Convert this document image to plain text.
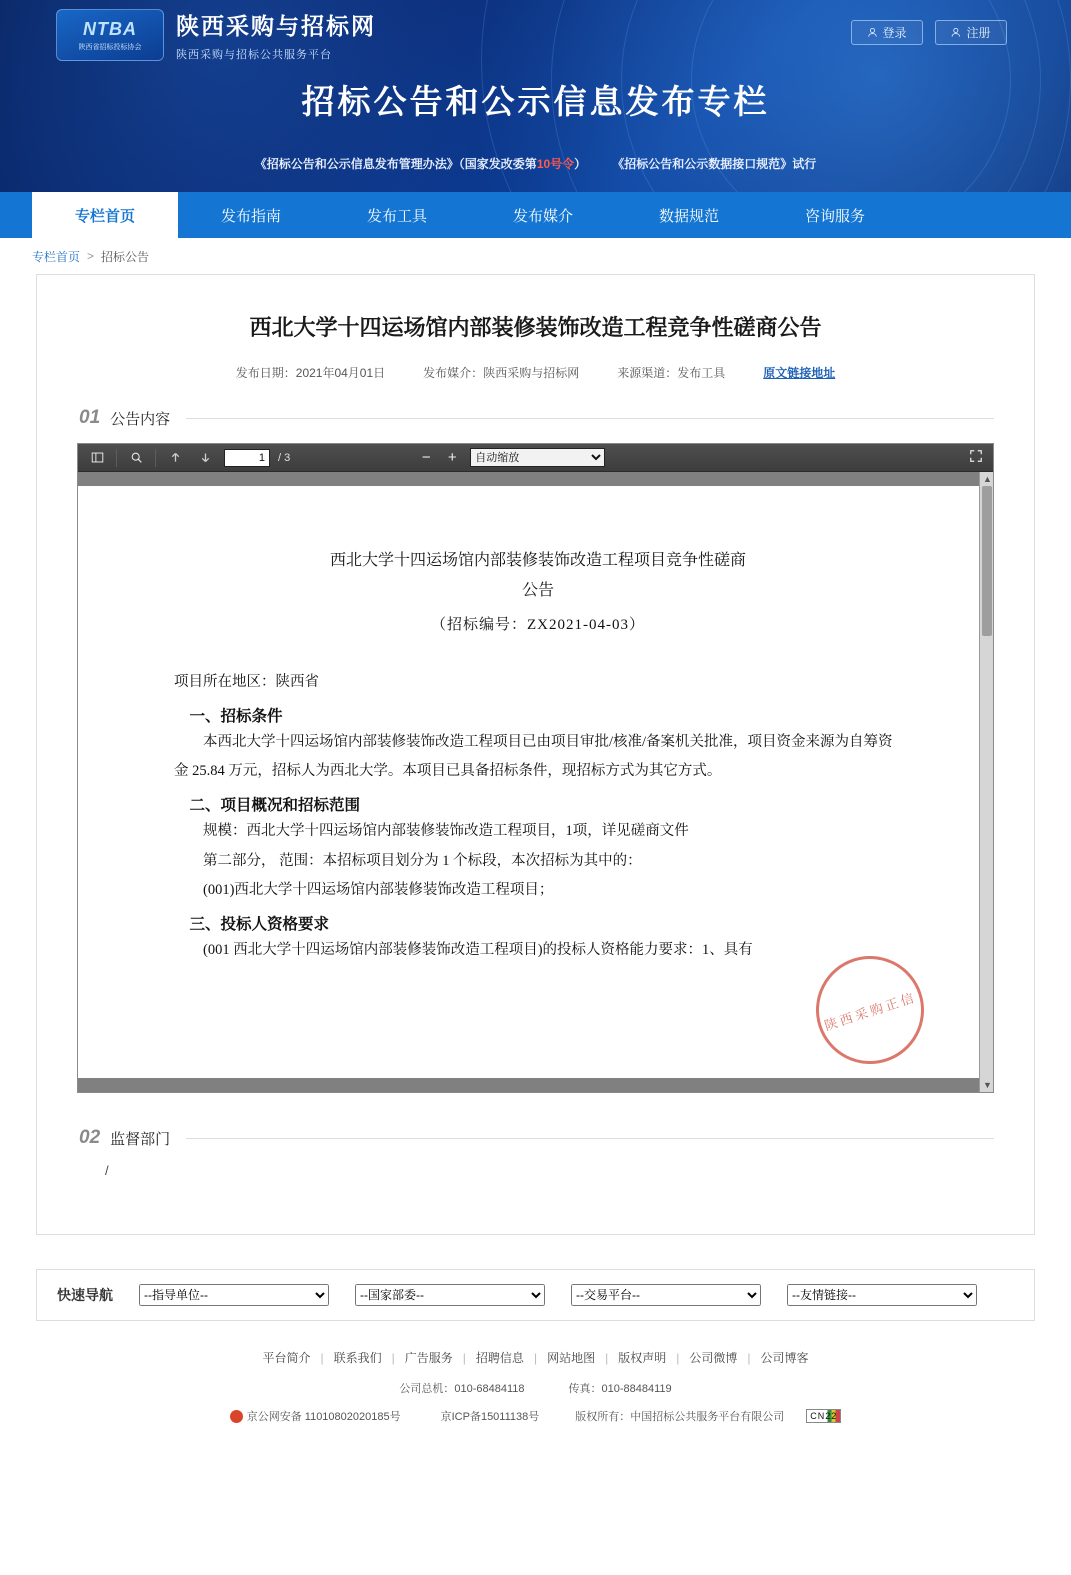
NTBA
陕西省招标投标协会
陕西采购与招标网
陕西采购与招标公共服务平台
登录	注册
招标公告和公示信息发布专栏
《招标公告和公示信息发布管理办法》（国家发改委第10号令） 《招标公告和公示数据接口规范》试行
专栏首页	发布指南	发布工具	发布媒介	数据规范	咨询服务
专栏首页 > 招标公告
西北大学十四运场馆内部装修装饰改造工程竞争性磋商公告
发布日期：2021年04月01日	发布媒介：陕西采购与招标网	来源渠道：发布工具	原文链接地址
01 公告内容
1
/ 3	− +
自动缩放
西北大学十四运场馆内部装修装饰改造工程项目竞争性磋商
公告
（招标编号：ZX2021-04-03）

项目所在地区：陕西省

一、招标条件

本西北大学十四运场馆内部装修装饰改造工程项目已由项目审批/核准/备案机关批准，项目资金来源为自筹资金 25.84 万元，招标人为西北大学。本项目已具备招标条件，现招标方式为其它方式。

二、项目概况和招标范围

规模：西北大学十四运场馆内部装修装饰改造工程项目，1项，详见磋商文件

第二部分， 范围：本招标项目划分为 1 个标段，本次招标为其中的：

(001)西北大学十四运场馆内部装修装饰改造工程项目；

三、投标人资格要求

(001 西北大学十四运场馆内部装修装饰改造工程项目)的投标人资格能力要求：1、具有

陕西采购正信
▲
▼
02 监督部门
/
快速导航
--指导单位--
--国家部委--
--交易平台--
--友情链接--
平台简介 | 联系我们 | 广告服务 | 招聘信息 | 网站地图 | 版权声明 | 公司微博 | 公司博客
公司总机：010-68484118	传真：010-88484119
京公网安备 11010802020185号	京ICP备15011138号	版权所有：中国招标公共服务平台有限公司	CN22
